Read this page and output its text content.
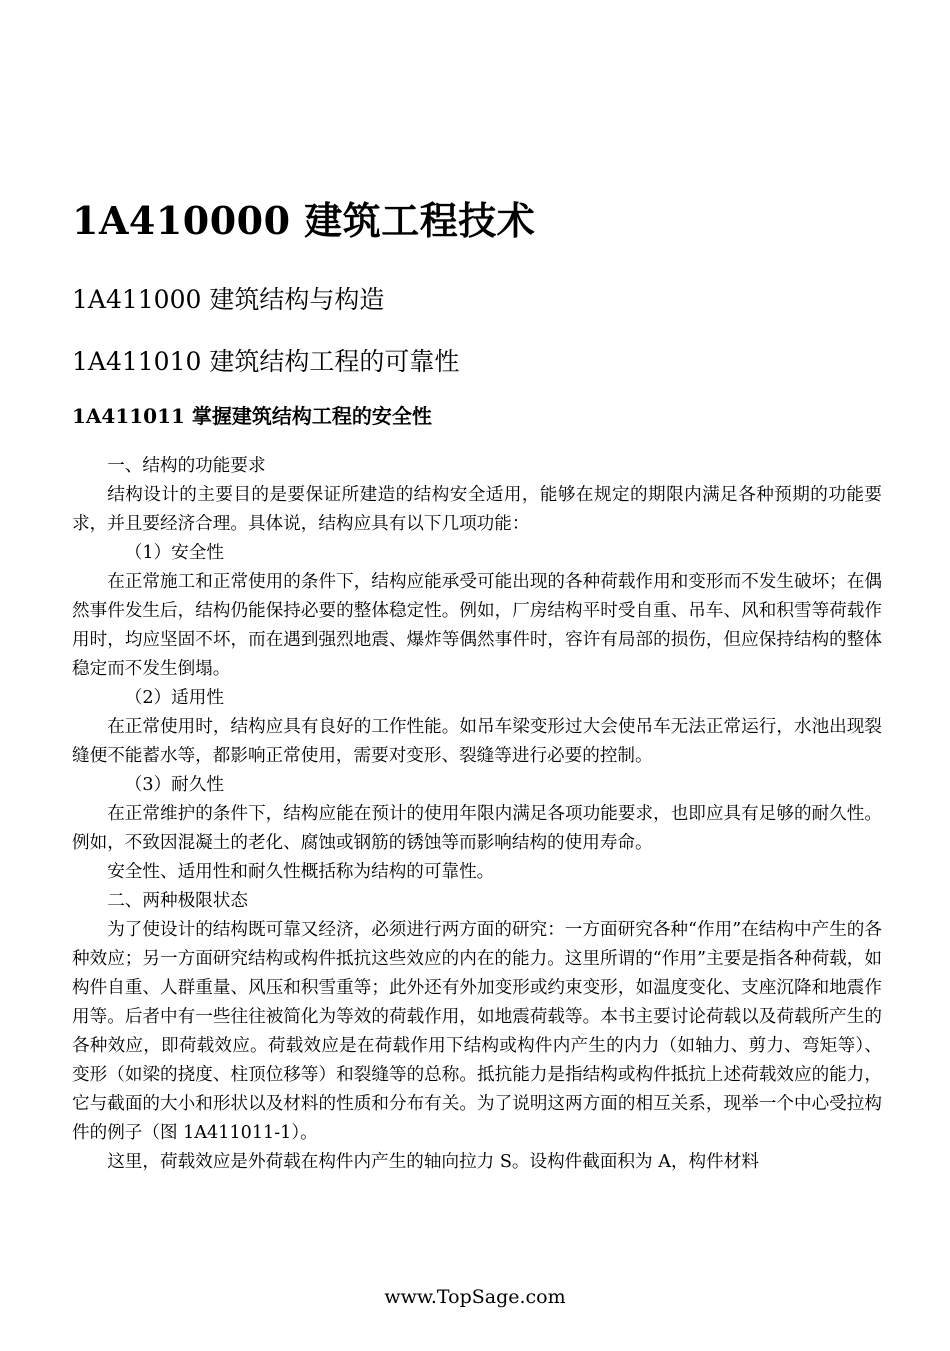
1A410000 建筑工程技术
1A411000 建筑结构与构造
1A411010 建筑结构工程的可靠性
1A411011 掌握建筑结构工程的安全性

一、结构的功能要求

结构设计的主要目的是要保证所建造的结构安全适用，能够在规定的期限内满足各种预期的功能要求，并且要经济合理。具体说，结构应具有以下几项功能：

（1）安全性

在正常施工和正常使用的条件下，结构应能承受可能出现的各种荷载作用和变形而不发生破坏；在偶然事件发生后，结构仍能保持必要的整体稳定性。例如，厂房结构平时受自重、吊车、风和积雪等荷载作用时，均应坚固不坏，而在遇到强烈地震、爆炸等偶然事件时，容许有局部的损伤，但应保持结构的整体稳定而不发生倒塌。

（2）适用性

在正常使用时，结构应具有良好的工作性能。如吊车梁变形过大会使吊车无法正常运行，水池出现裂缝便不能蓄水等，都影响正常使用，需要对变形、裂缝等进行必要的控制。

（3）耐久性

在正常维护的条件下，结构应能在预计的使用年限内满足各项功能要求，也即应具有足够的耐久性。例如，不致因混凝土的老化、腐蚀或钢筋的锈蚀等而影响结构的使用寿命。

安全性、适用性和耐久性概括称为结构的可靠性。

二、两种极限状态

为了使设计的结构既可靠又经济，必须进行两方面的研究：一方面研究各种“作用”在结构中产生的各种效应；另一方面研究结构或构件抵抗这些效应的内在的能力。这里所谓的“作用”主要是指各种荷载，如构件自重、人群重量、风压和积雪重等；此外还有外加变形或约束变形，如温度变化、支座沉降和地震作用等。后者中有一些往往被简化为等效的荷载作用，如地震荷载等。本书主要讨论荷载以及荷载所产生的各种效应，即荷载效应。荷载效应是在荷载作用下结构或构件内产生的内力（如轴力、剪力、弯矩等）、变形（如梁的挠度、柱顶位移等）和裂缝等的总称。抵抗能力是指结构或构件抵抗上述荷载效应的能力，它与截面的大小和形状以及材料的性质和分布有关。为了说明这两方面的相互关系，现举一个中心受拉构件的例子（图 1A411011-1）。

这里，荷载效应是外荷载在构件内产生的轴向拉力 S。设构件截面积为 A，构件材料

www.TopSage.com
